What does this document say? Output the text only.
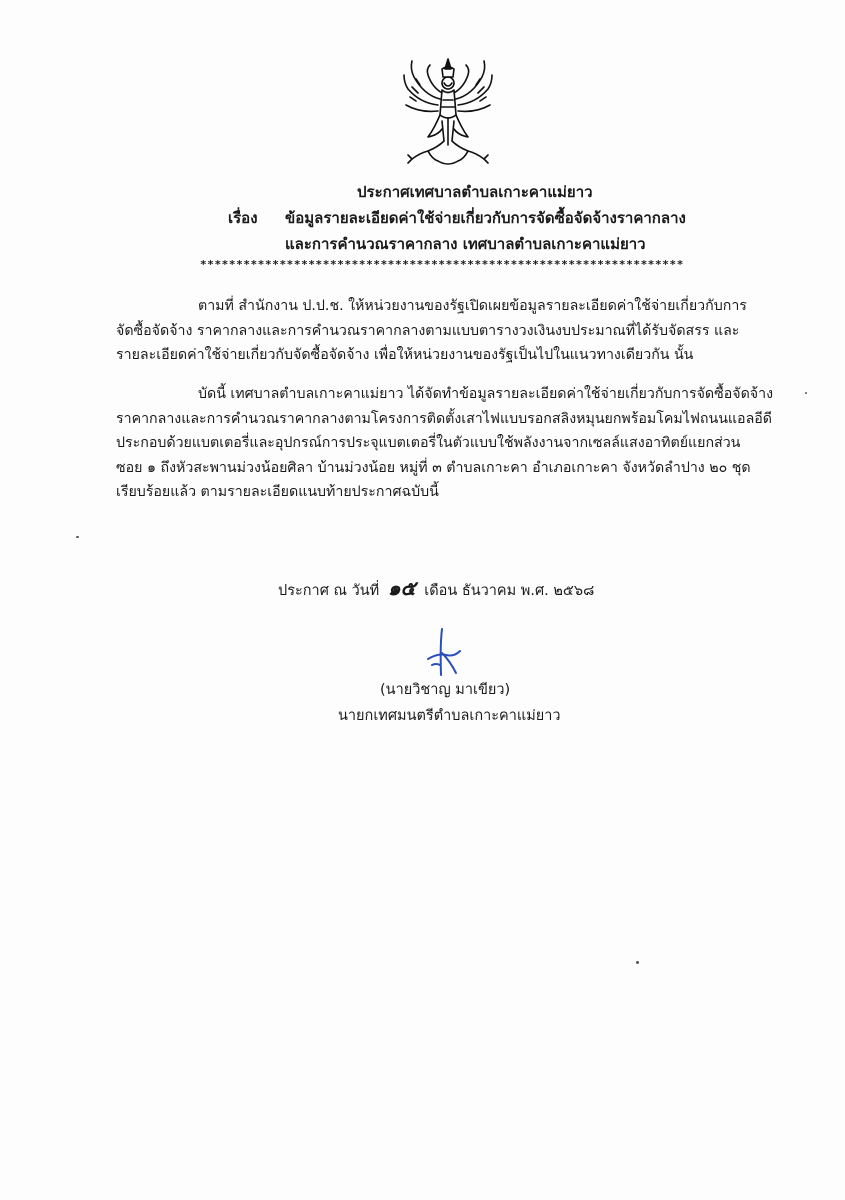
ประกาศเทศบาลตำบลเกาะคาแม่ยาว
เรื่อง ข้อมูลรายละเอียดค่าใช้จ่ายเกี่ยวกับการจัดซื้อจัดจ้างราคากลาง
และการคำนวณราคากลาง เทศบาลตำบลเกาะคาแม่ยาว
*******************************************************************
ตามที่ สำนักงาน ป.ป.ช. ให้หน่วยงานของรัฐเปิดเผยข้อมูลรายละเอียดค่าใช้จ่ายเกี่ยวกับการ
จัดซื้อจัดจ้าง ราคากลางและการคำนวณราคากลางตามแบบตารางวงเงินงบประมาณที่ได้รับจัดสรร และ
รายละเอียดค่าใช้จ่ายเกี่ยวกับจัดซื้อจัดจ้าง เพื่อให้หน่วยงานของรัฐเป็นไปในแนวทางเดียวกัน นั้น
บัดนี้ เทศบาลตำบลเกาะคาแม่ยาว ได้จัดทำข้อมูลรายละเอียดค่าใช้จ่ายเกี่ยวกับการจัดซื้อจัดจ้าง
ราคากลางและการคำนวณราคากลางตามโครงการติดตั้งเสาไฟแบบรอกสลิงหมุนยกพร้อมโคมไฟถนนแอลอีดี
ประกอบด้วยแบตเตอรี่และอุปกรณ์การประจุแบตเตอรี่ในตัวแบบใช้พลังงานจากเซลล์แสงอาทิตย์แยกส่วน
ซอย ๑ ถึงหัวสะพานม่วงน้อยศิลา บ้านม่วงน้อย หมู่ที่ ๓ ตำบลเกาะคา อำเภอเกาะคา จังหวัดลำปาง ๒๐ ชุด
เรียบร้อยแล้ว ตามรายละเอียดแนบท้ายประกาศฉบับนี้
ประกาศ ณ วันที่ ๑๕ เดือน ธันวาคม พ.ศ. ๒๕๖๘
(นายวิชาญ มาเขียว)
นายกเทศมนตรีตำบลเกาะคาแม่ยาว
